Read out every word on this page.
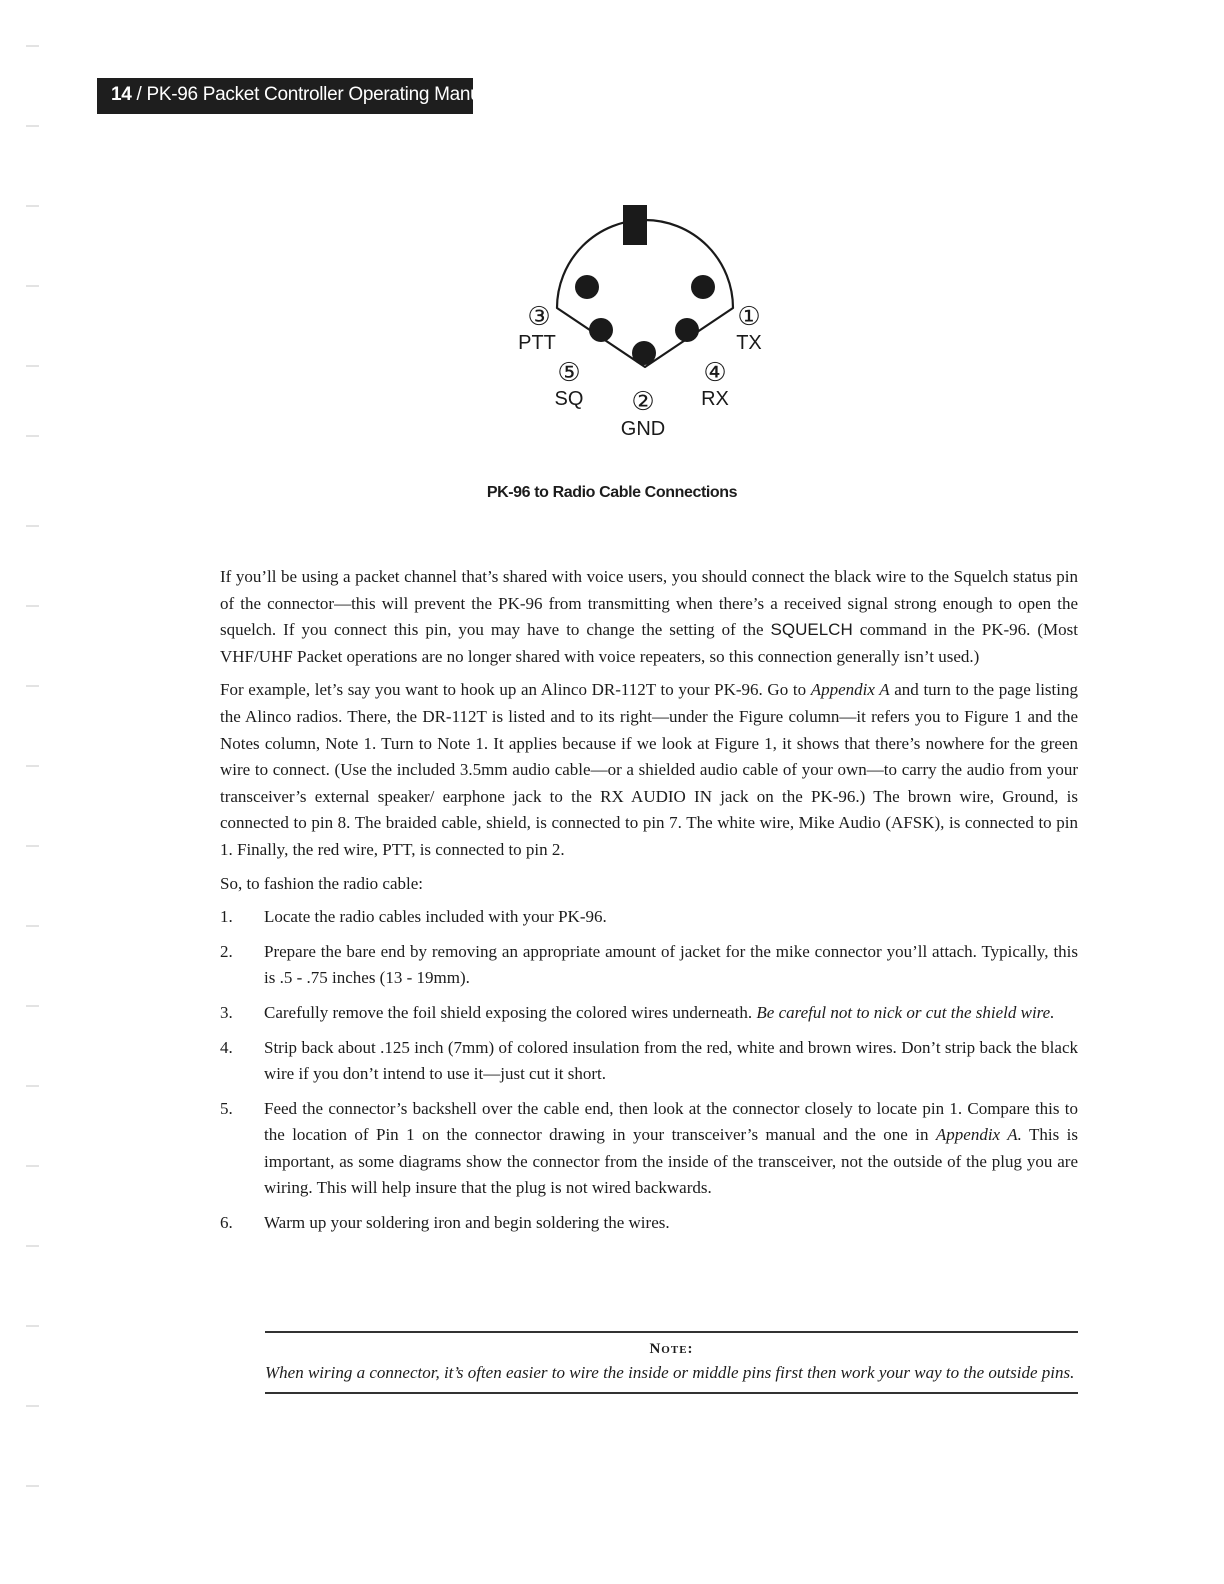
14 / PK-96 Packet Controller Operating Manual
③
PTT
①
TX
⑤
SQ
④
RX
②
GND
PK-96 to Radio Cable Connections

If you’ll be using a packet channel that’s shared with voice users, you should connect the black wire to the Squelch status pin of the connector—this will prevent the PK-96 from transmitting when there’s a received signal strong enough to open the squelch. If you connect this pin, you may have to change the setting of the SQUELCH command in the PK-96. (Most VHF/UHF Packet operations are no longer shared with voice repeaters, so this connection generally isn’t used.)

For example, let’s say you want to hook up an Alinco DR-112T to your PK-96. Go to Appendix A and turn to the page listing the Alinco radios. There, the DR-112T is listed and to its right—under the Figure column—it refers you to Figure 1 and the Notes column, Note 1. Turn to Note 1. It applies because if we look at Figure 1, it shows that there’s nowhere for the green wire to connect. (Use the included 3.5mm audio cable—or a shielded audio cable of your own—to carry the audio from your transceiver’s external speaker/ earphone jack to the RX AUDIO IN jack on the PK-96.) The brown wire, Ground, is connected to pin 8. The braided cable, shield, is connected to pin 7. The white wire, Mike Audio (AFSK), is connected to pin 1. Finally, the red wire, PTT, is connected to pin 2.

So, to fashion the radio cable:

1. Locate the radio cables included with your PK-96.
2. Prepare the bare end by removing an appropriate amount of jacket for the mike connector you’ll attach. Typically, this is .5 - .75 inches (13 - 19mm).
3. Carefully remove the foil shield exposing the colored wires underneath. Be careful not to nick or cut the shield wire.
4. Strip back about .125 inch (7mm) of colored insulation from the red, white and brown wires. Don’t strip back the black wire if you don’t intend to use it—just cut it short.
5. Feed the connector’s backshell over the cable end, then look at the connector closely to locate pin 1. Compare this to the location of Pin 1 on the connector drawing in your transceiver’s manual and the one in Appendix A. This is important, as some diagrams show the connector from the inside of the transceiver, not the outside of the plug you are wiring. This will help insure that the plug is not wired backwards.
6. Warm up your soldering iron and begin soldering the wires.
Note:
When wiring a connector, it’s often easier to wire the inside or middle pins first then work your way to the outside pins.
